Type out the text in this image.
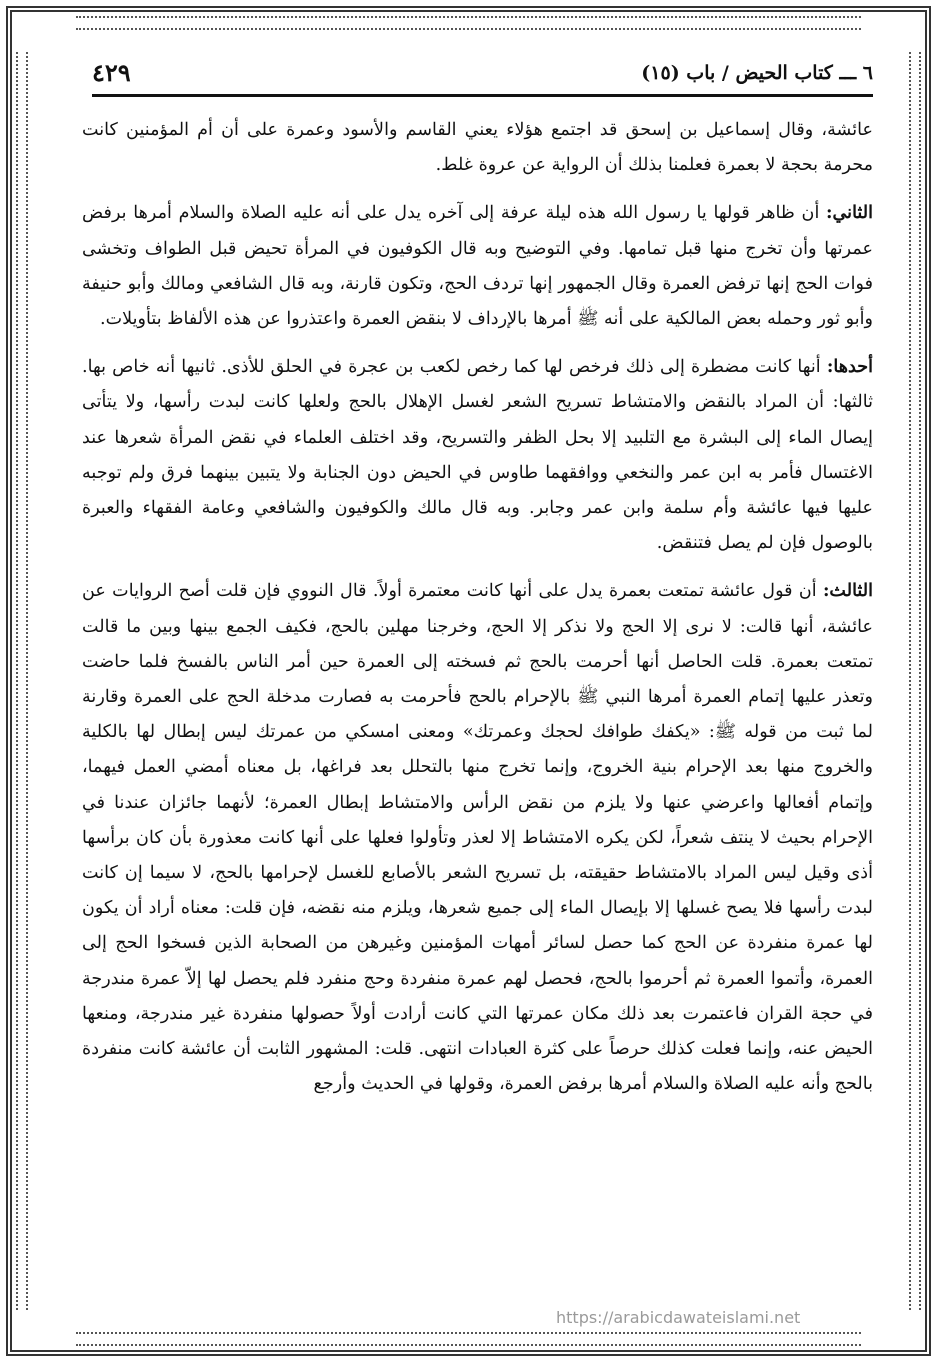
٦ ـــ كتاب الحيض / باب (١٥)
٤٢٩

عائشة، وقال إسماعيل بن إسحق قد اجتمع هؤلاء يعني القاسم والأسود وعمرة على أن أم المؤمنين كانت محرمة بحجة لا بعمرة فعلمنا بذلك أن الرواية عن عروة غلط.

الثاني: أن ظاهر قولها يا رسول الله هذه ليلة عرفة إلى آخره يدل على أنه عليه الصلاة والسلام أمرها برفض عمرتها وأن تخرج منها قبل تمامها. وفي التوضيح وبه قال الكوفيون في المرأة تحيض قبل الطواف وتخشى فوات الحج إنها ترفض العمرة وقال الجمهور إنها تردف الحج، وتكون قارنة، وبه قال الشافعي ومالك وأبو حنيفة وأبو ثور وحمله بعض المالكية على أنه ﷺ أمرها بالإرداف لا بنقض العمرة واعتذروا عن هذه الألفاظ بتأويلات.

أحدها: أنها كانت مضطرة إلى ذلك فرخص لها كما رخص لكعب بن عجرة في الحلق للأذى. ثانيها أنه خاص بها. ثالثها: أن المراد بالنقض والامتشاط تسريح الشعر لغسل الإهلال بالحج ولعلها كانت لبدت رأسها، ولا يتأتى إيصال الماء إلى البشرة مع التلبيد إلا بحل الظفر والتسريح، وقد اختلف العلماء في نقض المرأة شعرها عند الاغتسال فأمر به ابن عمر والنخعي ووافقهما طاوس في الحيض دون الجنابة ولا يتبين بينهما فرق ولم توجبه عليها فيها عائشة وأم سلمة وابن عمر وجابر. وبه قال مالك والكوفيون والشافعي وعامة الفقهاء والعبرة بالوصول فإن لم يصل فتنقض.

الثالث: أن قول عائشة تمتعت بعمرة يدل على أنها كانت معتمرة أولاً. قال النووي فإن قلت أصح الروايات عن عائشة، أنها قالت: لا نرى إلا الحج ولا نذكر إلا الحج، وخرجنا مهلين بالحج، فكيف الجمع بينها وبين ما قالت تمتعت بعمرة. قلت الحاصل أنها أحرمت بالحج ثم فسخته إلى العمرة حين أمر الناس بالفسخ فلما حاضت وتعذر عليها إتمام العمرة أمرها النبي ﷺ بالإحرام بالحج فأحرمت به فصارت مدخلة الحج على العمرة وقارنة لما ثبت من قوله ﷺ: «يكفك طوافك لحجك وعمرتك» ومعنى امسكي من عمرتك ليس إبطال لها بالكلية والخروج منها بعد الإحرام بنية الخروج، وإنما تخرج منها بالتحلل بعد فراغها، بل معناه أمضي العمل فيهما، وإتمام أفعالها واعرضي عنها ولا يلزم من نقض الرأس والامتشاط إبطال العمرة؛ لأنهما جائزان عندنا في الإحرام بحيث لا ينتف شعراً، لكن يكره الامتشاط إلا لعذر وتأولوا فعلها على أنها كانت معذورة بأن كان برأسها أذى وقيل ليس المراد بالامتشاط حقيقته، بل تسريح الشعر بالأصابع للغسل لإحرامها بالحج، لا سيما إن كانت لبدت رأسها فلا يصح غسلها إلا بإيصال الماء إلى جميع شعرها، ويلزم منه نقضه، فإن قلت: معناه أراد أن يكون لها عمرة منفردة عن الحج كما حصل لسائر أمهات المؤمنين وغيرهن من الصحابة الذين فسخوا الحج إلى العمرة، وأتموا العمرة ثم أحرموا بالحج، فحصل لهم عمرة منفردة وحج منفرد فلم يحصل لها إلاّ عمرة مندرجة في حجة القران فاعتمرت بعد ذلك مكان عمرتها التي كانت أرادت أولاً حصولها منفردة غير مندرجة، ومنعها الحيض عنه، وإنما فعلت كذلك حرصاً على كثرة العبادات انتهى. قلت: المشهور الثابت أن عائشة كانت منفردة بالحج وأنه عليه الصلاة والسلام أمرها برفض العمرة، وقولها في الحديث وأرجع

https://arabicdawateislami.net
